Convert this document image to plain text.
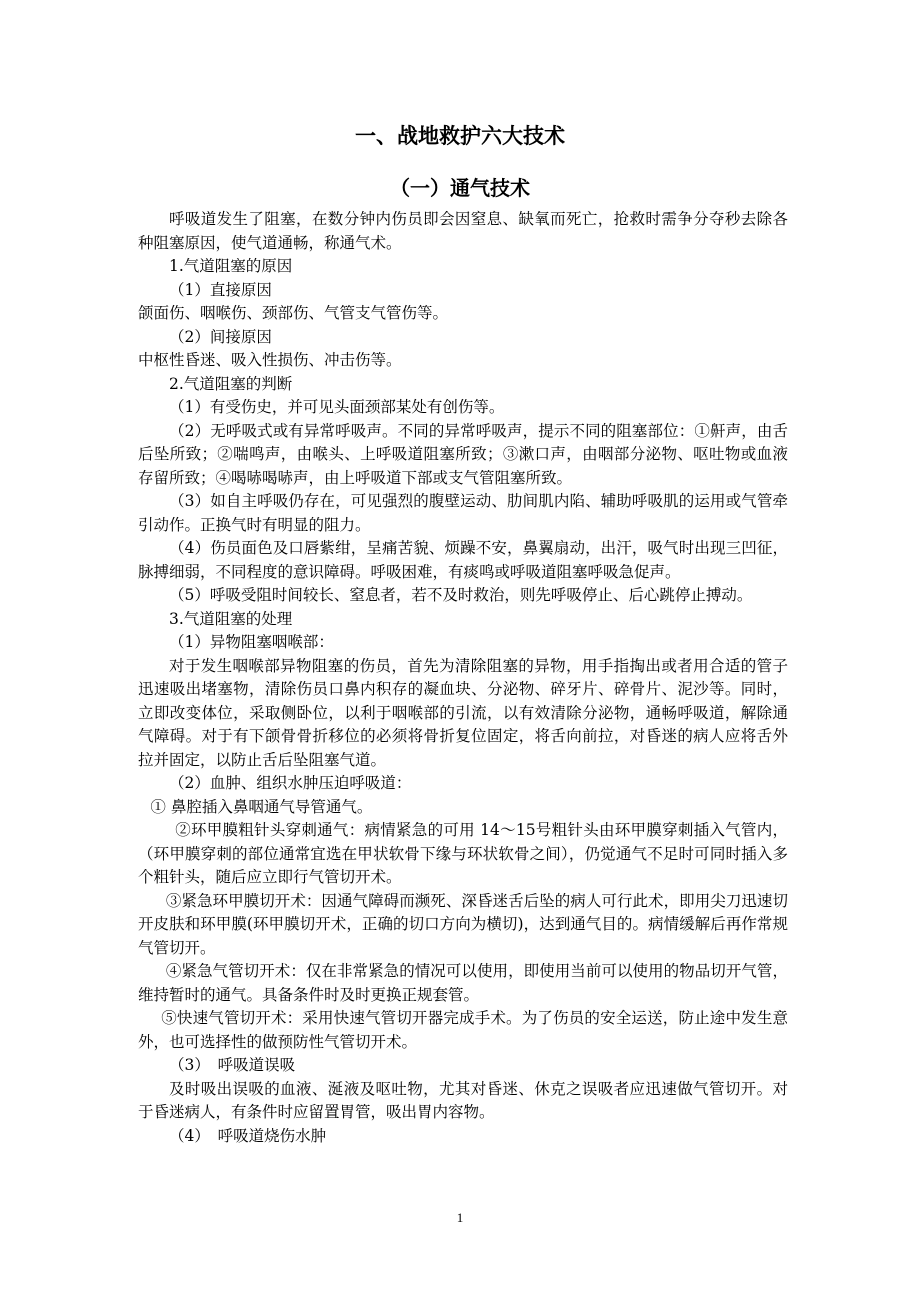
一、战地救护六大技术
（一）通气技术

呼吸道发生了阻塞，在数分钟内伤员即会因窒息、缺氧而死亡，抢救时需争分夺秒去除各种阻塞原因，使气道通畅，称通气术。

1.气道阻塞的原因

（1）直接原因

颌面伤、咽喉伤、颈部伤、气管支气管伤等。

（2）间接原因

中枢性昏迷、吸入性损伤、冲击伤等。

2.气道阻塞的判断

（1）有受伤史，并可见头面颈部某处有创伤等。

（2）无呼吸式或有异常呼吸声。不同的异常呼吸声，提示不同的阻塞部位：①鼾声，由舌后坠所致；②喘鸣声，由喉头、上呼吸道阻塞所致；③漱口声，由咽部分泌物、呕吐物或血液存留所致；④喝哧喝哧声，由上呼吸道下部或支气管阻塞所致。

（3）如自主呼吸仍存在，可见强烈的腹壁运动、肋间肌内陷、辅助呼吸肌的运用或气管牵引动作。正换气时有明显的阻力。

（4）伤员面色及口唇紫绀，呈痛苦貌、烦躁不安，鼻翼扇动，出汗，吸气时出现三凹征，脉搏细弱，不同程度的意识障碍。呼吸困难，有痰鸣或呼吸道阻塞呼吸急促声。

（5）呼吸受阻时间较长、窒息者，若不及时救治，则先呼吸停止、后心跳停止搏动。

3.气道阻塞的处理

（1）异物阻塞咽喉部：

对于发生咽喉部异物阻塞的伤员，首先为清除阻塞的异物，用手指掏出或者用合适的管子迅速吸出堵塞物，清除伤员口鼻内积存的凝血块、分泌物、碎牙片、碎骨片、泥沙等。同时，立即改变体位，采取侧卧位，以利于咽喉部的引流，以有效清除分泌物，通畅呼吸道，解除通气障碍。对于有下颌骨骨折移位的必须将骨折复位固定，将舌向前拉，对昏迷的病人应将舌外拉并固定，以防止舌后坠阻塞气道。

（2）血肿、组织水肿压迫呼吸道：

① 鼻腔插入鼻咽通气导管通气。

②环甲膜粗针头穿刺通气：病情紧急的可用 14～15号粗针头由环甲膜穿刺插入气管内，（环甲膜穿刺的部位通常宜选在甲状软骨下缘与环状软骨之间），仍觉通气不足时可同时插入多个粗针头，随后应立即行气管切开术。

③紧急环甲膜切开术：因通气障碍而濒死、深昏迷舌后坠的病人可行此术，即用尖刀迅速切开皮肤和环甲膜(环甲膜切开术，正确的切口方向为横切)，达到通气目的。病情缓解后再作常规气管切开。

④紧急气管切开术：仅在非常紧急的情况可以使用，即使用当前可以使用的物品切开气管，维持暂时的通气。具备条件时及时更换正规套管。

⑤快速气管切开术：采用快速气管切开器完成手术。为了伤员的安全运送，防止途中发生意外，也可选择性的做预防性气管切开术。

（3）　呼吸道误吸

及时吸出误吸的血液、涎液及呕吐物，尤其对昏迷、休克之误吸者应迅速做气管切开。对于昏迷病人，有条件时应留置胃管，吸出胃内容物。

（4）　呼吸道烧伤水肿

1
